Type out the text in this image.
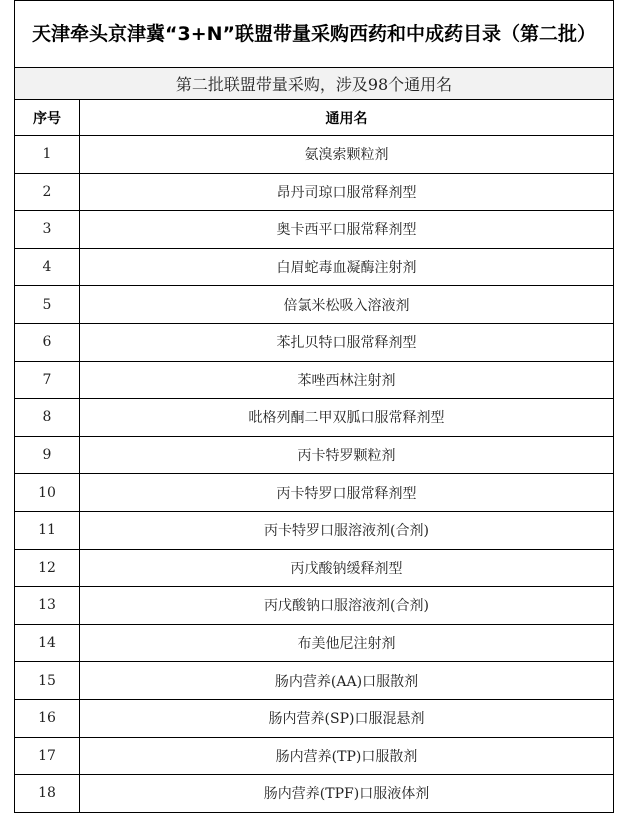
天津牵头京津冀“3+N”联盟带量采购西药和中成药目录（第二批）	
第二批联盟带量采购，涉及98个通用名	
序号	通用名
1	氨溴索颗粒剂
2	昂丹司琼口服常释剂型
3	奥卡西平口服常释剂型
4	白眉蛇毒血凝酶注射剂
5	倍氯米松吸入溶液剂
6	苯扎贝特口服常释剂型
7	苯唑西林注射剂
8	吡格列酮二甲双胍口服常释剂型
9	丙卡特罗颗粒剂
10	丙卡特罗口服常释剂型
11	丙卡特罗口服溶液剂(合剂)
12	丙戊酸钠缓释剂型
13	丙戊酸钠口服溶液剂(合剂)
14	布美他尼注射剂
15	肠内营养(AA)口服散剂
16	肠内营养(SP)口服混悬剂
17	肠内营养(TP)口服散剂
18	肠内营养(TPF)口服液体剂
